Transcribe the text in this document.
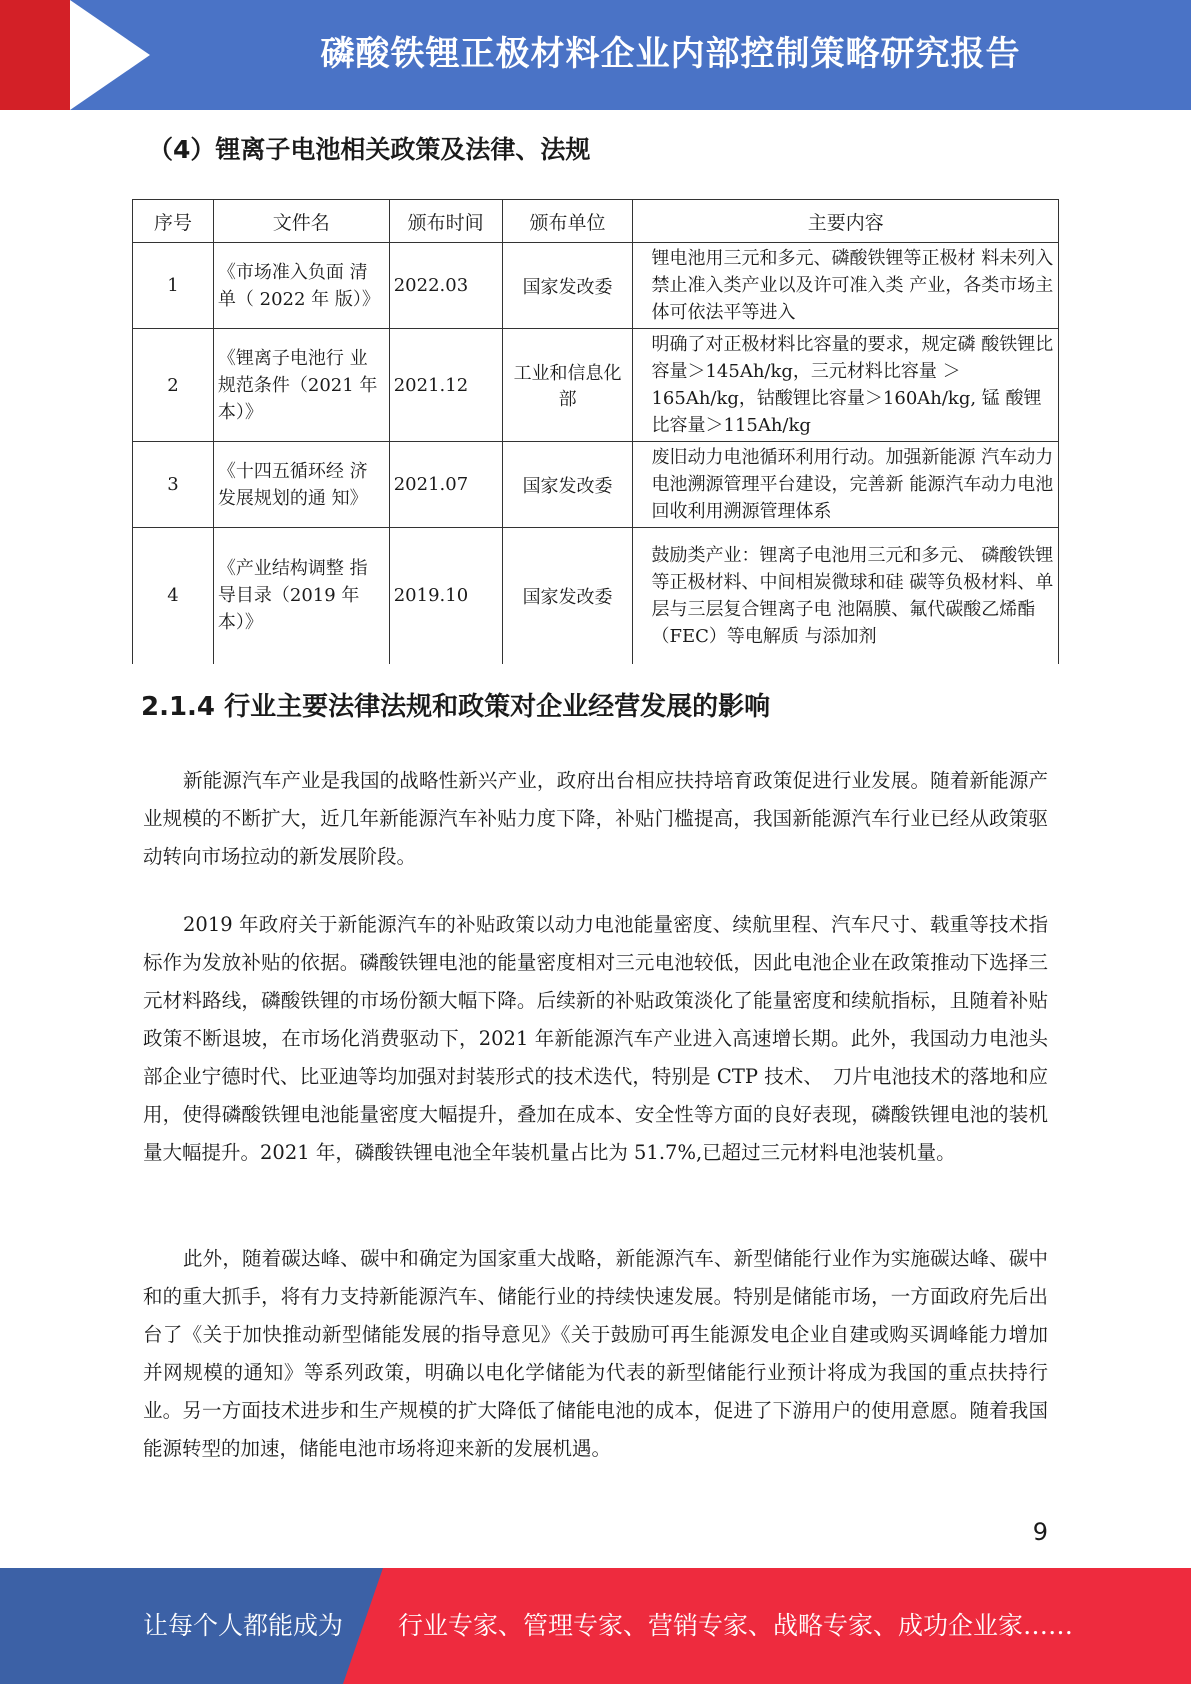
磷酸铁锂正极材料企业内部控制策略研究报告
（4）锂离子电池相关政策及法律、法规
序号	文件名	颁布时间	颁布单位	主要内容
1	《市场准入负面 清单（ 2022 年 版）》	2022.03	国家发改委	锂电池用三元和多元、磷酸铁锂等正极材 料未列入禁止准入类产业以及许可准入类 产业，各类市场主体可依法平等进入
2	《锂离子电池行 业规范条件（2021 年本）》	2021.12	工业和信息化部	明确了对正极材料比容量的要求，规定磷 酸铁锂比容量＞145Ah/kg，三元材料比容量 ＞165Ah/kg，钴酸锂比容量＞160Ah/kg, 锰 酸锂比容量＞115Ah/kg
3	《十四五循环经 济发展规划的通 知》	2021.07	国家发改委	废旧动力电池循环利用行动。加强新能源 汽车动力电池溯源管理平台建设，完善新 能源汽车动力电池回收利用溯源管理体系
4	《产业结构调整 指导目录（2019 年本）》	2019.10	国家发改委	鼓励类产业：锂离子电池用三元和多元、 磷酸铁锂等正极材料、中间相炭微球和硅 碳等负极材料、单层与三层复合锂离子电 池隔膜、氟代碳酸乙烯酯（FEC）等电解质 与添加剂
2.1.4 行业主要法律法规和政策对企业经营发展的影响
新能源汽车产业是我国的战略性新兴产业，政府出台相应扶持培育政策促进行业发展。随着新能源产业规模的不断扩大，近几年新能源汽车补贴力度下降，补贴门槛提高，我国新能源汽车行业已经从政策驱动转向市场拉动的新发展阶段。
2019 年政府关于新能源汽车的补贴政策以动力电池能量密度、续航里程、汽车尺寸、载重等技术指标作为发放补贴的依据。磷酸铁锂电池的能量密度相对三元电池较低，因此电池企业在政策推动下选择三元材料路线，磷酸铁锂的市场份额大幅下降。后续新的补贴政策淡化了能量密度和续航指标，且随着补贴政策不断退坡，在市场化消费驱动下，2021 年新能源汽车产业进入高速增长期。此外，我国动力电池头部企业宁德时代、比亚迪等均加强对封装形式的技术迭代，特别是 CTP 技术、　刀片电池技术的落地和应用，使得磷酸铁锂电池能量密度大幅提升，叠加在成本、安全性等方面的良好表现，磷酸铁锂电池的装机量大幅提升。2021 年，磷酸铁锂电池全年装机量占比为 51.7%,已超过三元材料电池装机量。
此外，随着碳达峰、碳中和确定为国家重大战略，新能源汽车、新型储能行业作为实施碳达峰、碳中和的重大抓手，将有力支持新能源汽车、储能行业的持续快速发展。特别是储能市场，一方面政府先后出台了《关于加快推动新型储能发展的指导意见》《关于鼓励可再生能源发电企业自建或购买调峰能力增加并网规模的通知》等系列政策，明确以电化学储能为代表的新型储能行业预计将成为我国的重点扶持行业。另一方面技术进步和生产规模的扩大降低了储能电池的成本，促进了下游用户的使用意愿。随着我国能源转型的加速，储能电池市场将迎来新的发展机遇。
9
让每个人都能成为 行业专家、管理专家、营销专家、战略专家、成功企业家……
